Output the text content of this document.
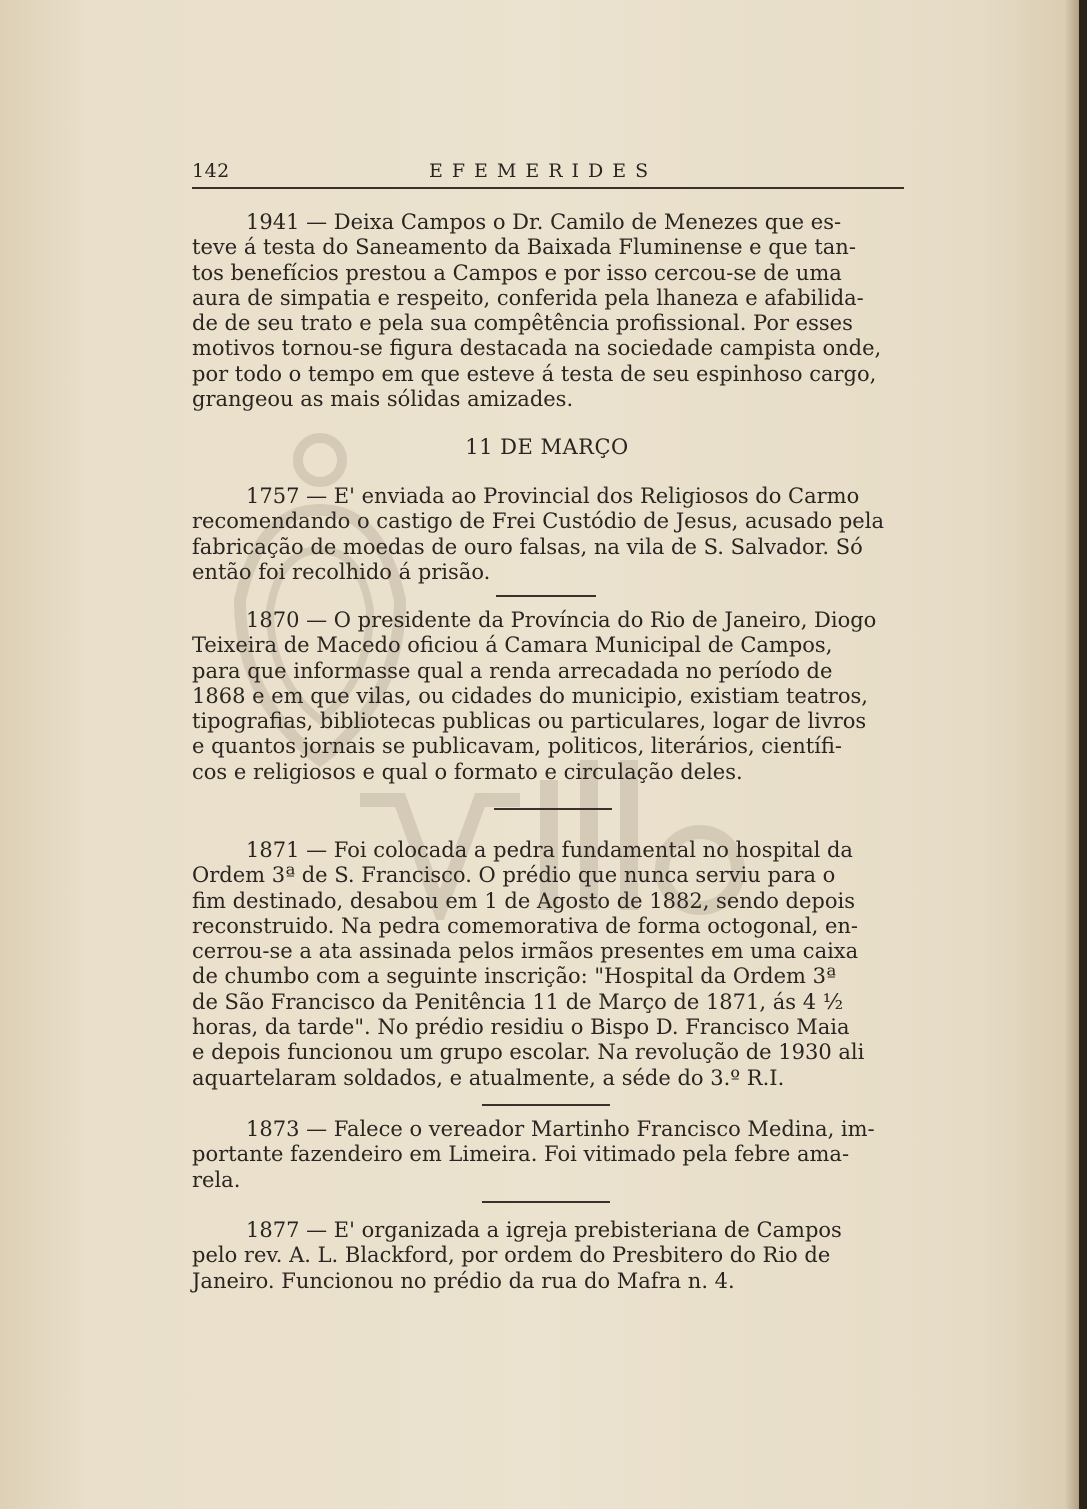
142	EFEMERIDES
1941 — Deixa Campos o Dr. Camilo de Menezes que es-
teve á testa do Saneamento da Baixada Fluminense e que tan-
tos benefícios prestou a Campos e por isso cercou-se de uma
aura de simpatia e respeito, conferida pela lhaneza e afabilida-
de de seu trato e pela sua compêtência profissional. Por esses
motivos tornou-se figura destacada na sociedade campista onde,
por todo o tempo em que esteve á testa de seu espinhoso cargo,
grangeou as mais sólidas amizades.
11 DE MARÇO
1757 — E' enviada ao Provincial dos Religiosos do Carmo
recomendando o castigo de Frei Custódio de Jesus, acusado pela
fabricação de moedas de ouro falsas, na vila de S. Salvador. Só
então foi recolhido á prisão.
1870 — O presidente da Província do Rio de Janeiro, Diogo
Teixeira de Macedo oficiou á Camara Municipal de Campos,
para que informasse qual a renda arrecadada no período de
1868 e em que vilas, ou cidades do municipio, existiam teatros,
tipografias, bibliotecas publicas ou particulares, logar de livros
e quantos jornais se publicavam, politicos, literários, científi-
cos e religiosos e qual o formato e circulação deles.
1871 — Foi colocada a pedra fundamental no hospital da
Ordem 3ª de S. Francisco. O prédio que nunca serviu para o
fim destinado, desabou em 1 de Agosto de 1882, sendo depois
reconstruido. Na pedra comemorativa de forma octogonal, en-
cerrou-se a ata assinada pelos irmãos presentes em uma caixa
de chumbo com a seguinte inscrição: "Hospital da Ordem 3ª
de São Francisco da Penitência 11 de Março de 1871, ás 4 ½
horas, da tarde". No prédio residiu o Bispo D. Francisco Maia
e depois funcionou um grupo escolar. Na revolução de 1930 ali
aquartelaram soldados, e atualmente, a séde do 3.º R.I.
1873 — Falece o vereador Martinho Francisco Medina, im-
portante fazendeiro em Limeira. Foi vitimado pela febre ama-
rela.
1877 — E' organizada a igreja prebisteriana de Campos
pelo rev. A. L. Blackford, por ordem do Presbitero do Rio de
Janeiro. Funcionou no prédio da rua do Mafra n. 4.
